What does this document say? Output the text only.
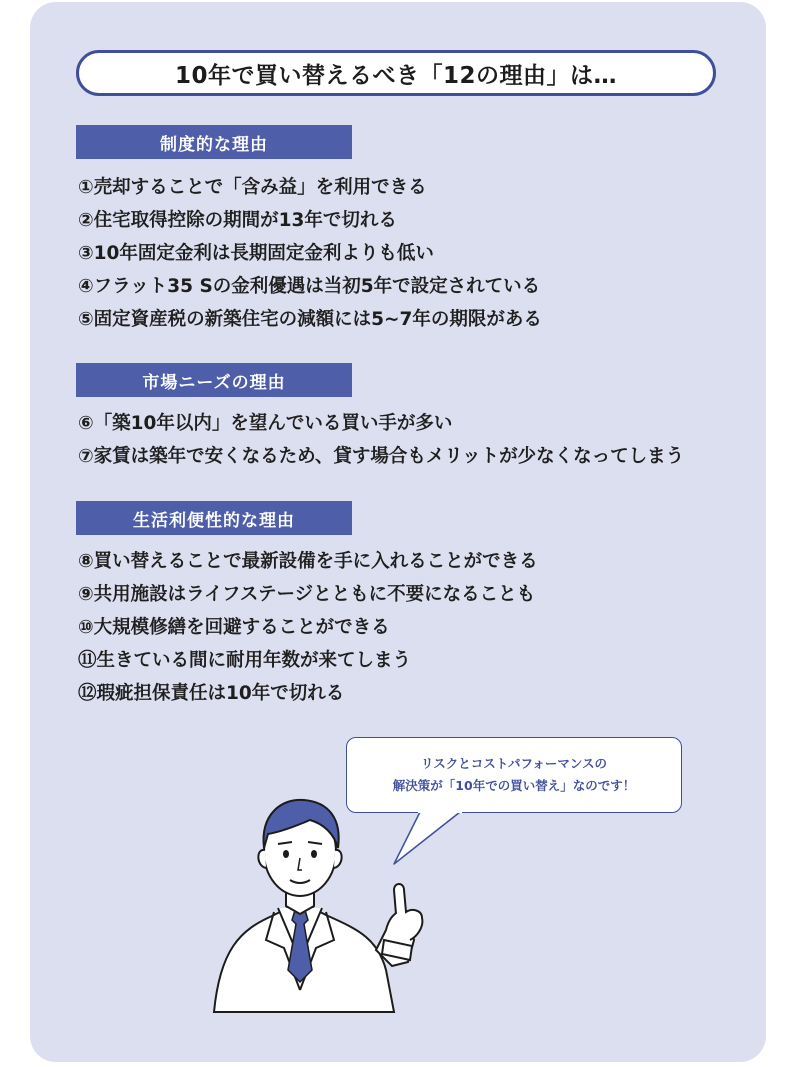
10年で買い替えるべき「12の理由」は…
制度的な理由
①売却することで「含み益」を利用できる
②住宅取得控除の期間が13年で切れる
③10年固定金利は長期固定金利よりも低い
④フラット35 Sの金利優遇は当初5年で設定されている
⑤固定資産税の新築住宅の減額には5~7年の期限がある
市場ニーズの理由
⑥「築10年以内」を望んでいる買い手が多い
⑦家賃は築年で安くなるため、貸す場合もメリットが少なくなってしまう
生活利便性的な理由
⑧買い替えることで最新設備を手に入れることができる
⑨共用施設はライフステージとともに不要になることも
⑩大規模修繕を回避することができる
⑪生きている間に耐用年数が来てしまう
⑫瑕疵担保責任は10年で切れる
リスクとコストパフォーマンスの
解決策が「10年での買い替え」なのです！
